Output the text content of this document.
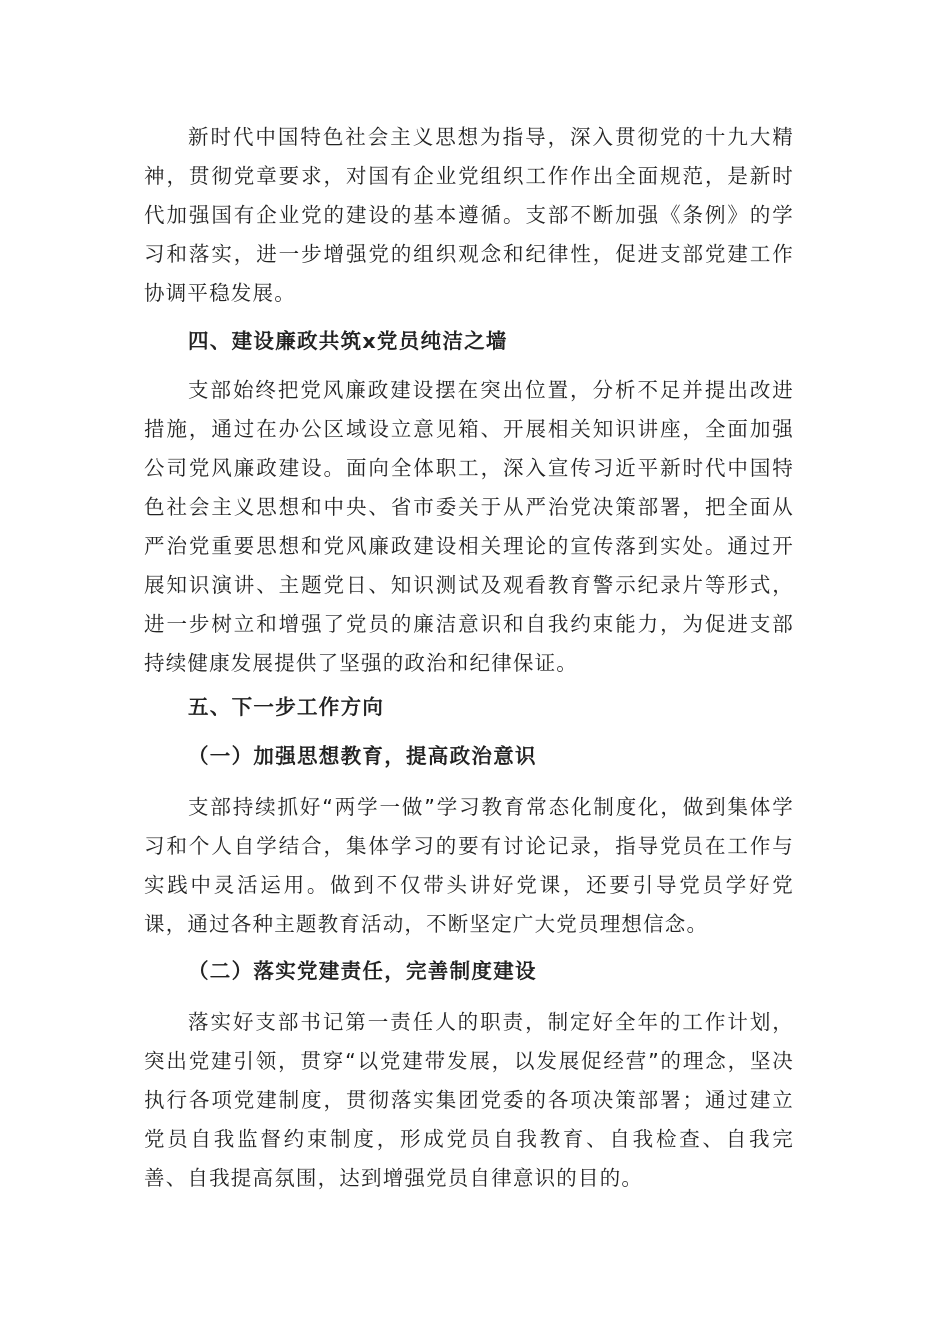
新时代中国特色社会主义思想为指导，深入贯彻党的十九大精神，贯彻党章要求，对国有企业党组织工作作出全面规范，是新时代加强国有企业党的建设的基本遵循。支部不断加强《条例》的学习和落实，进一步增强党的组织观念和纪律性，促进支部党建工作协调平稳发展。

四、建设廉政共筑x党员纯洁之墙

支部始终把党风廉政建设摆在突出位置，分析不足并提出改进措施，通过在办公区域设立意见箱、开展相关知识讲座，全面加强公司党风廉政建设。面向全体职工，深入宣传习近平新时代中国特色社会主义思想和中央、省市委关于从严治党决策部署，把全面从严治党重要思想和党风廉政建设相关理论的宣传落到实处。通过开展知识演讲、主题党日、知识测试及观看教育警示纪录片等形式，进一步树立和增强了党员的廉洁意识和自我约束能力，为促进支部持续健康发展提供了坚强的政治和纪律保证。

五、下一步工作方向

（一）加强思想教育，提高政治意识

支部持续抓好“两学一做”学习教育常态化制度化，做到集体学习和个人自学结合，集体学习的要有讨论记录，指导党员在工作与实践中灵活运用。做到不仅带头讲好党课，还要引导党员学好党课，通过各种主题教育活动，不断坚定广大党员理想信念。

（二）落实党建责任，完善制度建设

落实好支部书记第一责任人的职责，制定好全年的工作计划，突出党建引领，贯穿“以党建带发展，以发展促经营”的理念，坚决执行各项党建制度，贯彻落实集团党委的各项决策部署；通过建立党员自我监督约束制度，形成党员自我教育、自我检查、自我完善、自我提高氛围，达到增强党员自律意识的目的。
